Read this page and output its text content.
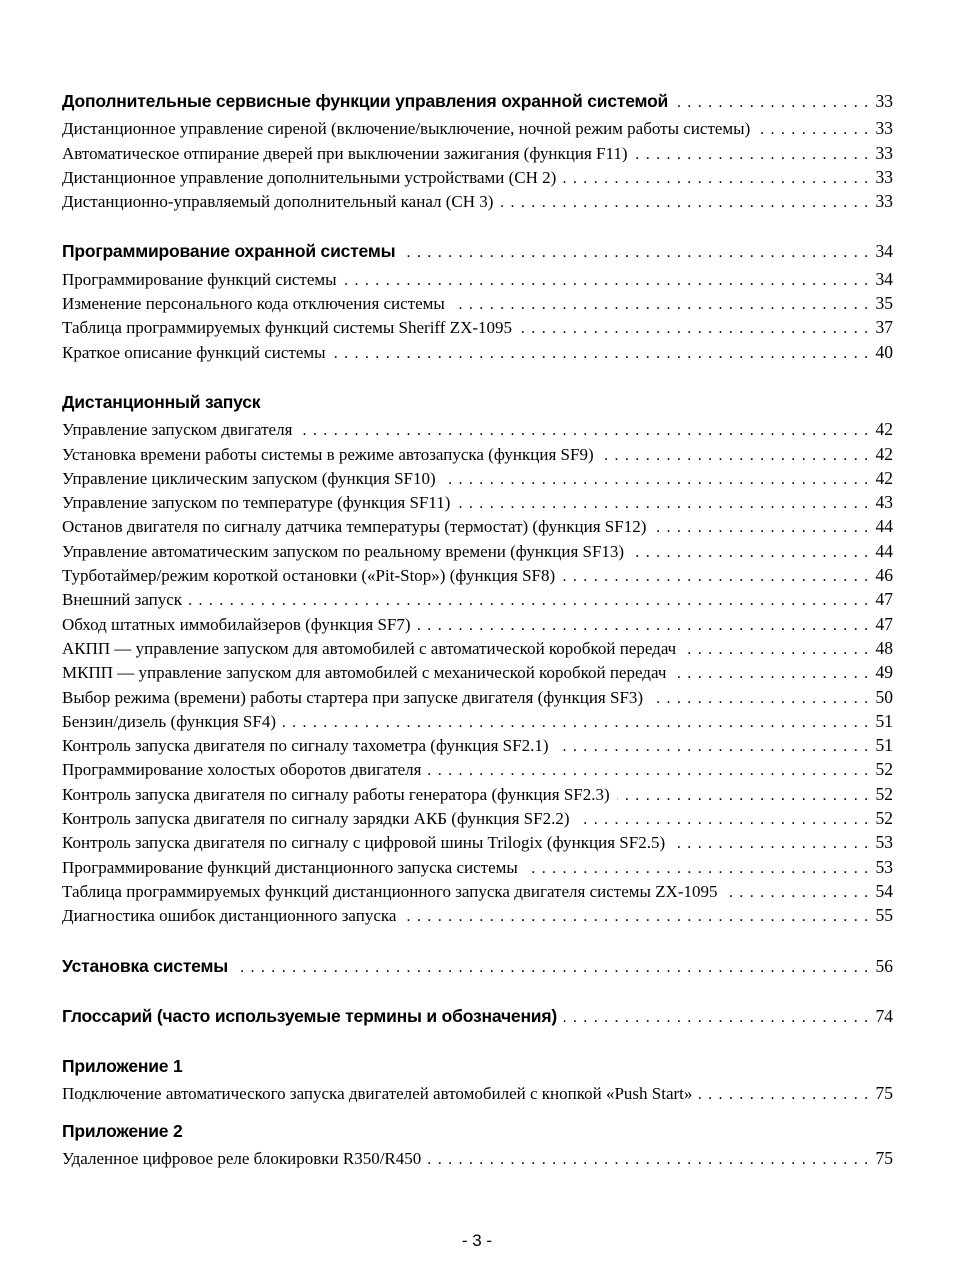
Дополнительные сервисные функции управления охранной системой .....	33
Дистанционное управление сиреной (включение/выключение, ночной режим работы системы) .....	33
Автоматическое отпирание дверей при выключении зажигания (функция F11) .....	33
Дистанционное управление дополнительными устройствами (CH 2) .....	33
Дистанционно-управляемый дополнительный канал (CH 3) .....	33
Программирование охранной системы .....	34
Программирование функций системы .....	34
Изменение персонального кода отключения системы .....	35
Таблица программируемых функций системы Sheriff ZX-1095 .....	37
Краткое описание функций системы .....	40
Дистанционный запуск
Управление запуском двигателя .....	42
Установка времени работы системы в режиме автозапуска (функция SF9) .....	42
Управление циклическим запуском (функция SF10) .....	42
Управление запуском по температуре (функция SF11) .....	43
Останов двигателя по сигналу датчика температуры (термостат) (функция SF12) .....	44
Управление автоматическим запуском по реальному времени (функция SF13) .....	44
Турботаймер/режим короткой остановки («Pit-Stop») (функция SF8) .....	46
Внешний запуск .....	47
Обход штатных иммобилайзеров (функция SF7) .....	47
АКПП — управление запуском для автомобилей с автоматической коробкой передач .....	48
МКПП — управление запуском для автомобилей с механической коробкой передач .....	49
Выбор режима (времени) работы стартера при запуске двигателя (функция SF3) .....	50
Бензин/дизель (функция SF4) .....	51
Контроль запуска двигателя по сигналу тахометра (функция SF2.1) .....	51
Программирование холостых оборотов двигателя .....	52
Контроль запуска двигателя по сигналу работы генератора (функция SF2.3) .....	52
Контроль запуска двигателя по сигналу зарядки АКБ (функция SF2.2) .....	52
Контроль запуска двигателя по сигналу с цифровой шины Trilogix (функция SF2.5) .....	53
Программирование функций дистанционного запуска системы .....	53
Таблица программируемых функций дистанционного запуска двигателя системы ZX-1095 .....	54
Диагностика ошибок дистанционного запуска .....	55
Установка системы .....	56
Глоссарий (часто используемые термины и обозначения) .....	74
Приложение 1
Подключение автоматического запуска двигателей автомобилей с кнопкой «Push Start» .....	75
Приложение 2
Удаленное цифровое реле блокировки R350/R450 .....	75
- 3 -
